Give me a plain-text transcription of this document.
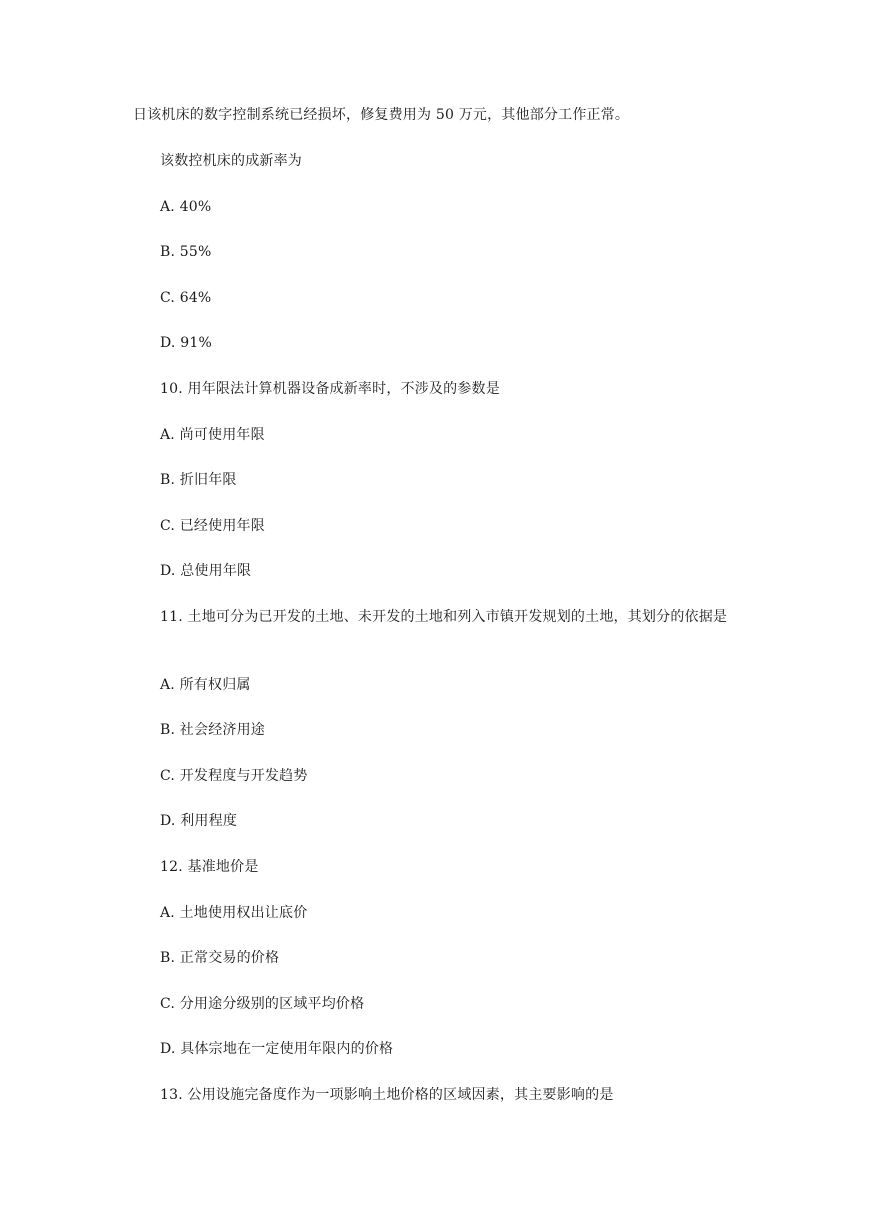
日该机床的数字控制系统已经损坏，修复费用为 50 万元，其他部分工作正常。
该数控机床的成新率为
A. 40%
B. 55%
C. 64%
D. 91%
10. 用年限法计算机器设备成新率时，不涉及的参数是
A. 尚可使用年限
B. 折旧年限
C. 已经使用年限
D. 总使用年限
11. 土地可分为已开发的土地、未开发的土地和列入市镇开发规划的土地，其划分的依据是
A. 所有权归属
B. 社会经济用途
C. 开发程度与开发趋势
D. 利用程度
12. 基准地价是
A. 土地使用权出让底价
B. 正常交易的价格
C. 分用途分级别的区域平均价格
D. 具体宗地在一定使用年限内的价格
13. 公用设施完备度作为一项影响土地价格的区域因素，其主要影响的是
